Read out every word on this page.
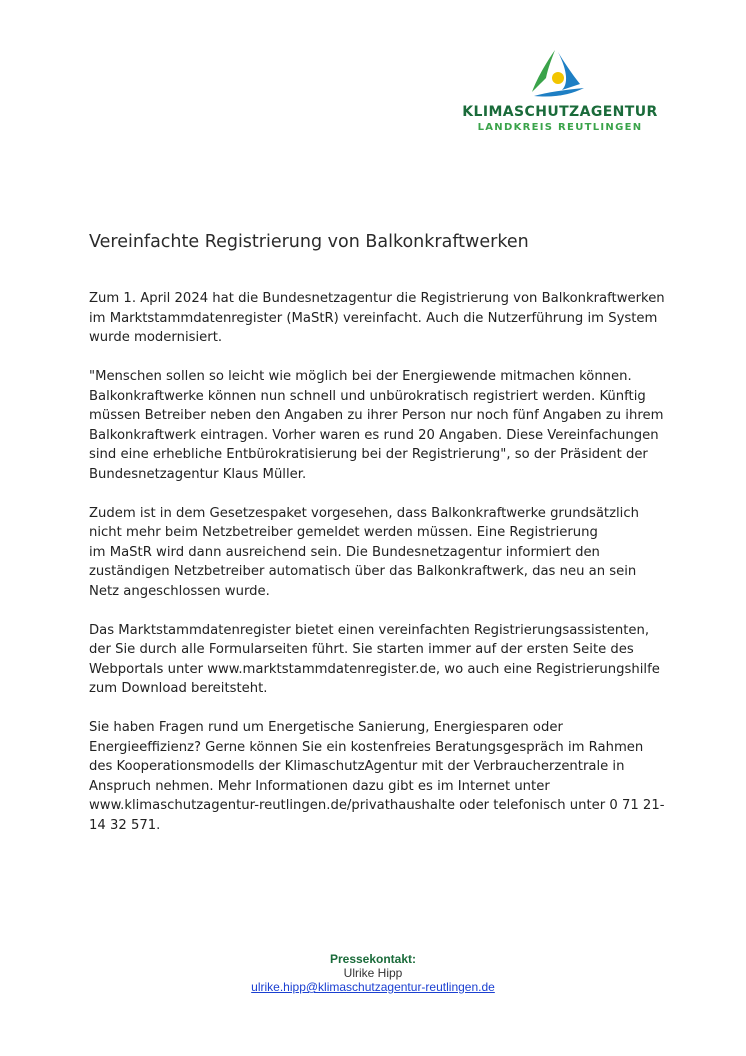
KLIMASCHUTZAGENTUR
LANDKREIS REUTLINGEN
Vereinfachte Registrierung von Balkonkraftwerken
Zum 1. April 2024 hat die Bundesnetzagentur die Registrierung von Balkonkraftwerken
im Marktstammdatenregister (MaStR) vereinfacht. Auch die Nutzerführung im System
wurde modernisiert.
"Menschen sollen so leicht wie möglich bei der Energiewende mitmachen können.
Balkonkraftwerke können nun schnell und unbürokratisch registriert werden. Künftig
müssen Betreiber neben den Angaben zu ihrer Person nur noch fünf Angaben zu ihrem
Balkonkraftwerk eintragen. Vorher waren es rund 20 Angaben. Diese Vereinfachungen
sind eine erhebliche Entbürokratisierung bei der Registrierung", so der Präsident der
Bundesnetzagentur Klaus Müller.
Zudem ist in dem Gesetzespaket vorgesehen, dass Balkonkraftwerke grundsätzlich
nicht mehr beim Netzbetreiber gemeldet werden müssen. Eine Registrierung
im MaStR wird dann ausreichend sein. Die Bundesnetzagentur informiert den
zuständigen Netzbetreiber automatisch über das Balkonkraftwerk, das neu an sein
Netz angeschlossen wurde.
Das Marktstammdatenregister bietet einen vereinfachten Registrierungsassistenten,
der Sie durch alle Formularseiten führt. Sie starten immer auf der ersten Seite des
Webportals unter www.marktstammdatenregister.de, wo auch eine Registrierungshilfe
zum Download bereitsteht.
Sie haben Fragen rund um Energetische Sanierung, Energiesparen oder
Energieeffizienz? Gerne können Sie ein kostenfreies Beratungsgespräch im Rahmen
des Kooperationsmodells der KlimaschutzAgentur mit der Verbraucherzentrale in
Anspruch nehmen. Mehr Informationen dazu gibt es im Internet unter
www.klimaschutzagentur-reutlingen.de/privathaushalte oder telefonisch unter 0 71 21-
14 32 571.
Pressekontakt:
Ulrike Hipp
ulrike.hipp@klimaschutzagentur-reutlingen.de
